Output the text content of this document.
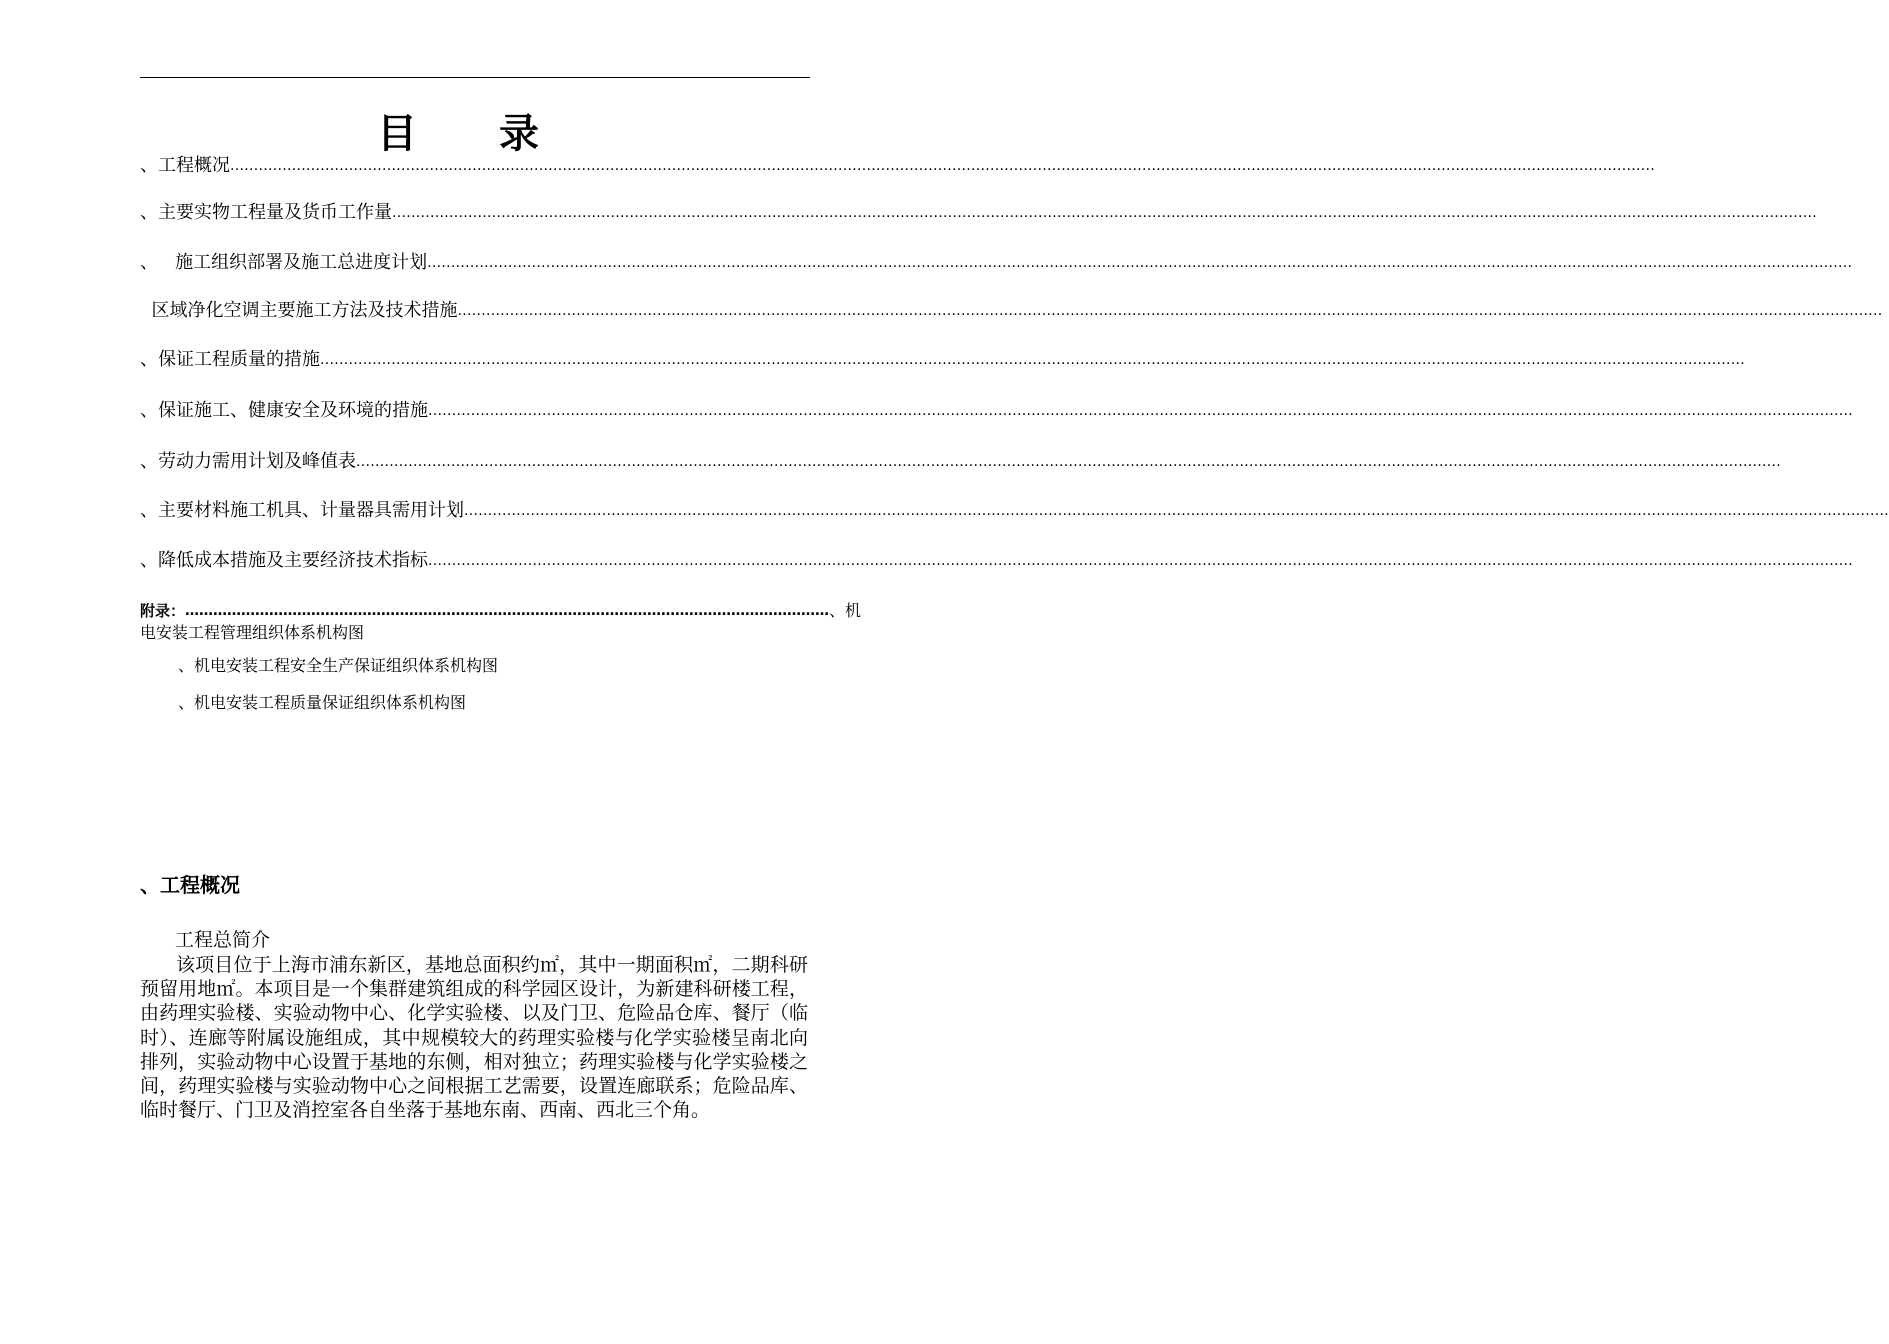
目 录
、工程概况 ............................................................................................................................................................................................................................................................................................................
、主要实物工程量及货币工作量 ............................................................................................................................................................................................................................................................................................................
、   施工组织部署及施工总进度计划 ............................................................................................................................................................................................................................................................................................................
区域净化空调主要施工方法及技术措施 ............................................................................................................................................................................................................................................................................................................
、保证工程质量的措施 ............................................................................................................................................................................................................................................................................................................
、保证施工、健康安全及环境的措施 ............................................................................................................................................................................................................................................................................................................
、劳动力需用计划及峰值表 ............................................................................................................................................................................................................................................................................................................
、主要材料施工机具、计量器具需用计划 ............................................................................................................................................................................................................................................................................................................
、降低成本措施及主要经济技术指标 ............................................................................................................................................................................................................................................................................................................
附录： ………………………………………………………………………………………………………………………… 、机
电安装工程管理组织体系机构图
、机电安装工程安全生产保证组织体系机构图
、机电安装工程质量保证组织体系机构图
、工程概况
工程总简介
该项目位于上海市浦东新区，基地总面积约㎡，其中一期面积㎡，二期科研预留用地㎡。本项目是一个集群建筑组成的科学园区设计，为新建科研楼工程，由药理实验楼、实验动物中心、化学实验楼、以及门卫、危险品仓库、餐厅（临时）、连廊等附属设施组成，其中规模较大的药理实验楼与化学实验楼呈南北向排列，实验动物中心设置于基地的东侧，相对独立；药理实验楼与化学实验楼之间，药理实验楼与实验动物中心之间根据工艺需要，设置连廊联系；危险品库、临时餐厅、门卫及消控室各自坐落于基地东南、西南、西北三个角。
